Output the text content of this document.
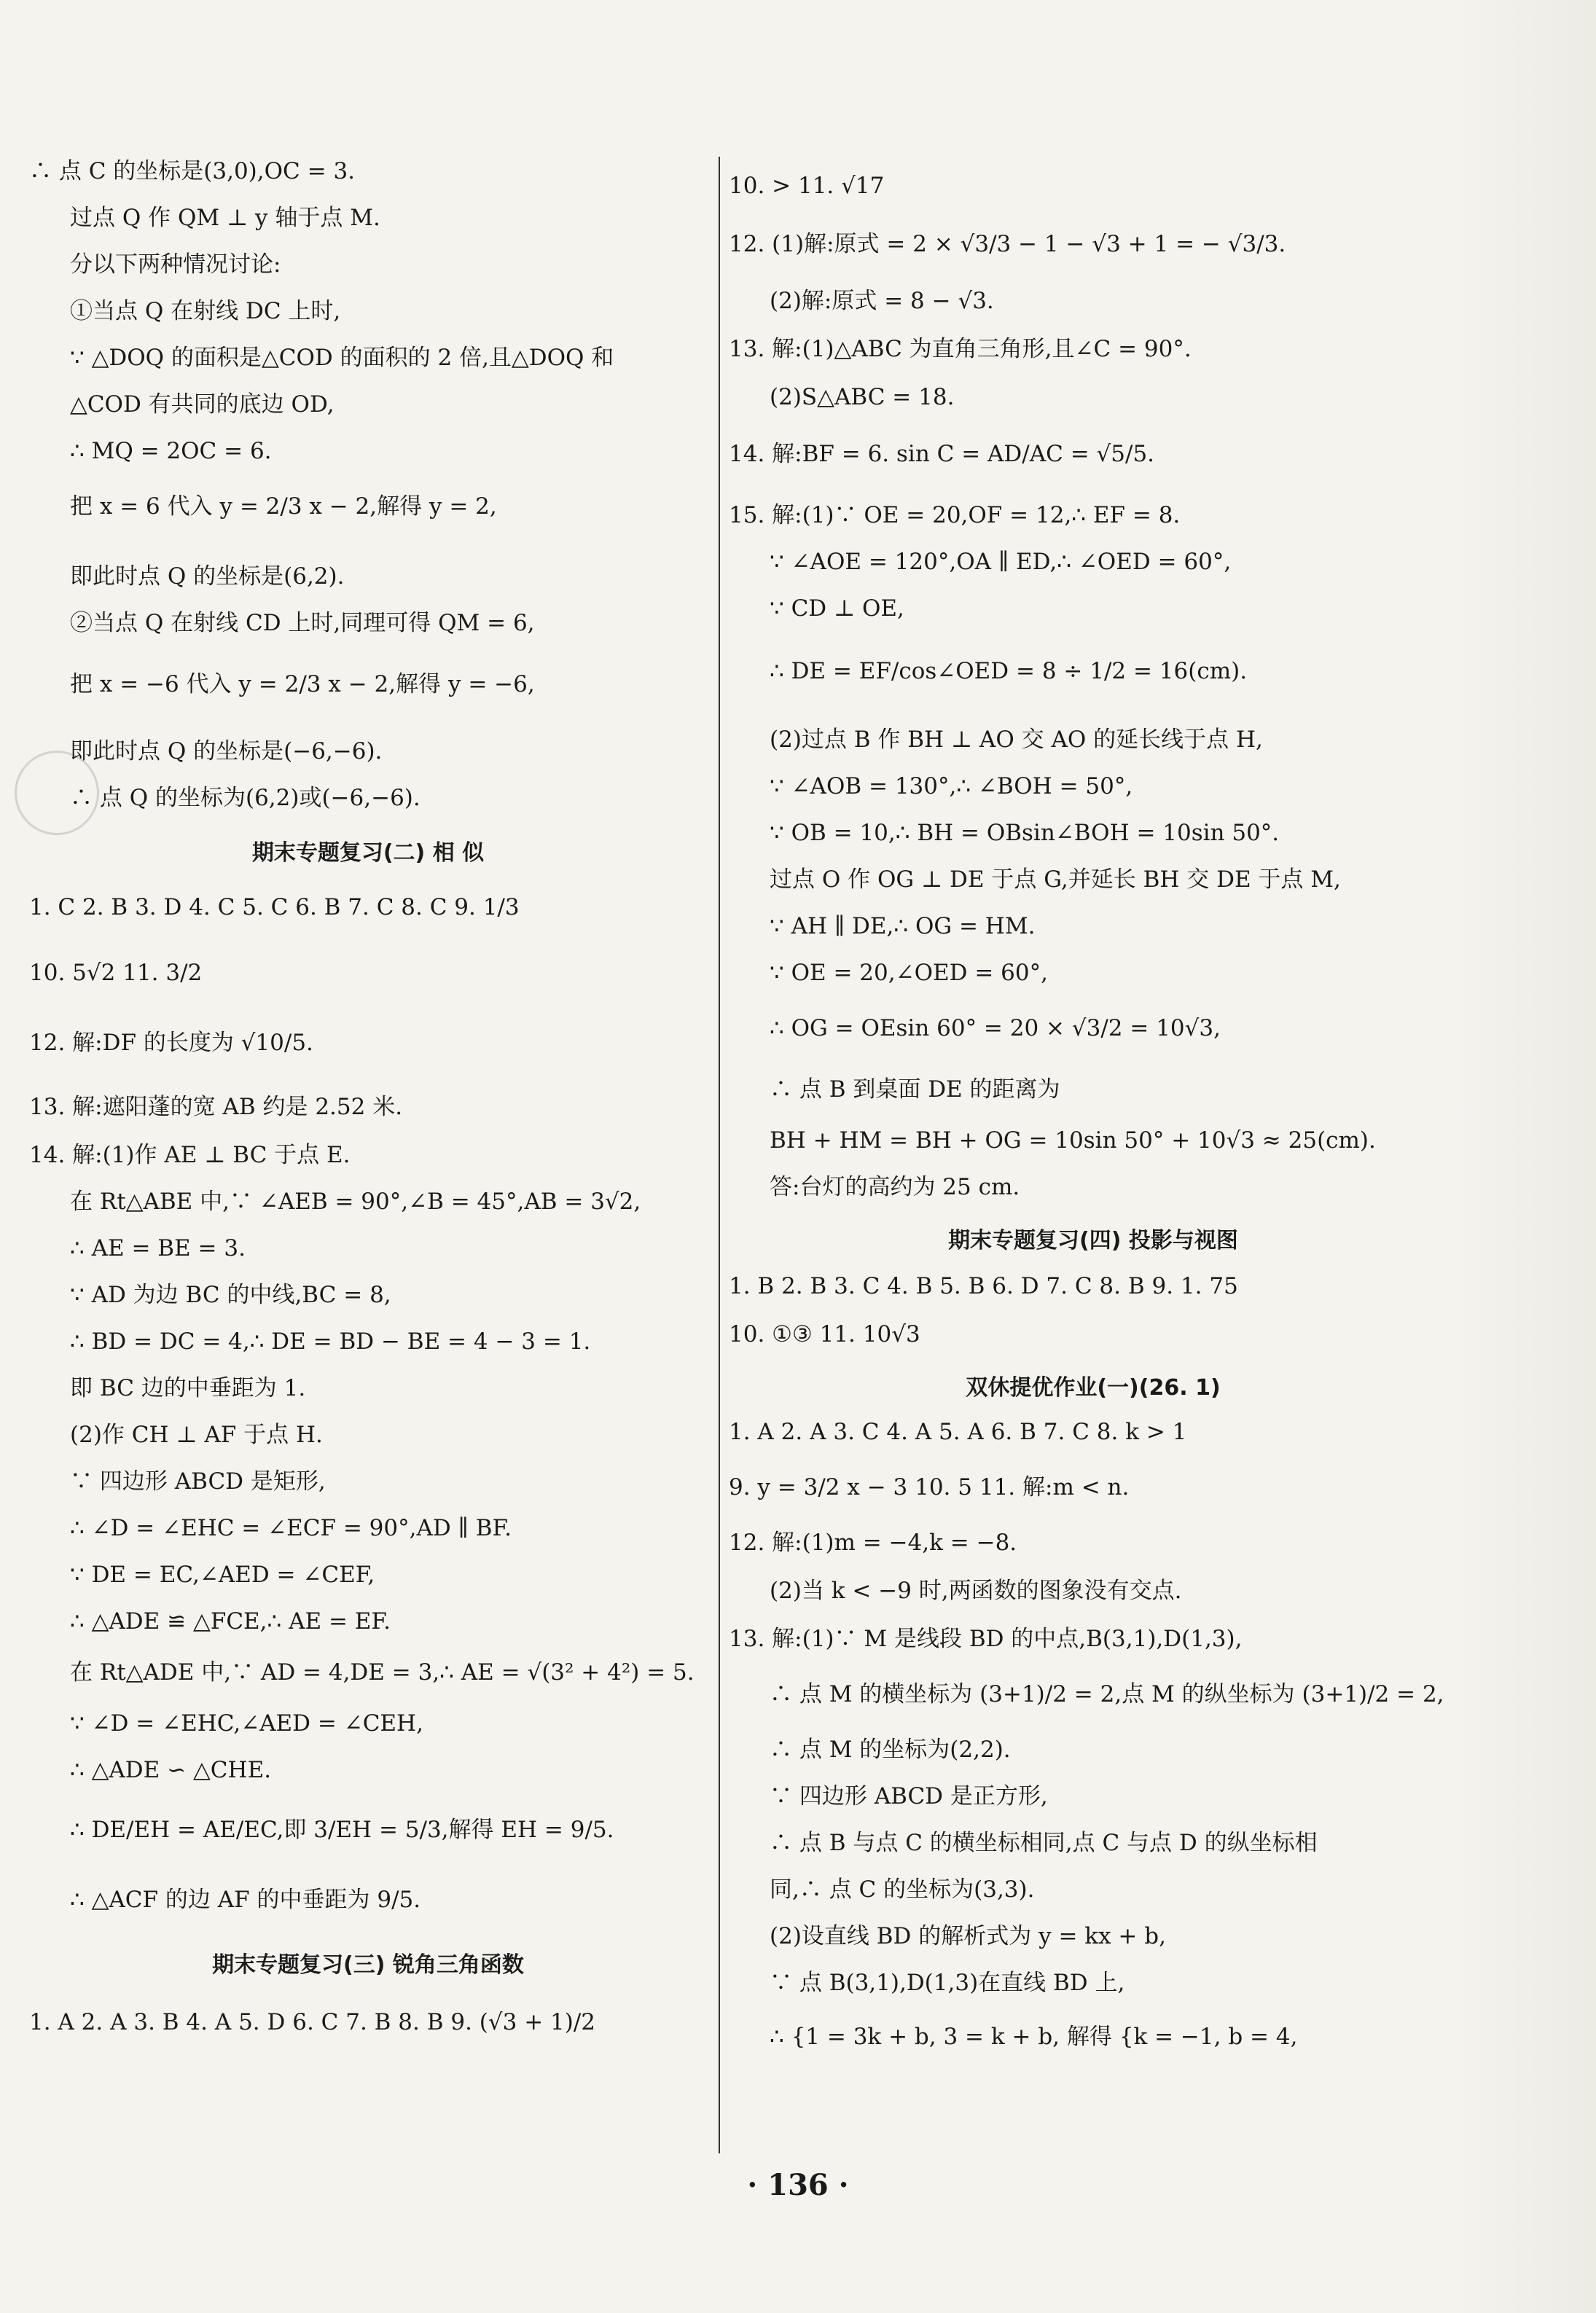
∴ 点 C 的坐标是(3,0),OC = 3.
过点 Q 作 QM ⊥ y 轴于点 M.
分以下两种情况讨论:
①当点 Q 在射线 DC 上时,
∵ △DOQ 的面积是△COD 的面积的 2 倍,且△DOQ 和
△COD 有共同的底边 OD,
∴ MQ = 2OC = 6.
把 x = 6 代入 y = 2/3 x − 2,解得 y = 2,
即此时点 Q 的坐标是(6,2).
②当点 Q 在射线 CD 上时,同理可得 QM = 6,
把 x = −6 代入 y = 2/3 x − 2,解得 y = −6,
即此时点 Q 的坐标是(−6,−6).
∴ 点 Q 的坐标为(6,2)或(−6,−6).
期末专题复习(二) 相 似
1. C 2. B 3. D 4. C 5. C 6. B 7. C 8. C 9. 1/3
10. 5√2 11. 3/2
12. 解:DF 的长度为 √10/5.
13. 解:遮阳蓬的宽 AB 约是 2.52 米.
14. 解:(1)作 AE ⊥ BC 于点 E.
在 Rt△ABE 中,∵ ∠AEB = 90°,∠B = 45°,AB = 3√2,
∴ AE = BE = 3.
∵ AD 为边 BC 的中线,BC = 8,
∴ BD = DC = 4,∴ DE = BD − BE = 4 − 3 = 1.
即 BC 边的中垂距为 1.
(2)作 CH ⊥ AF 于点 H.
∵ 四边形 ABCD 是矩形,
∴ ∠D = ∠EHC = ∠ECF = 90°,AD ∥ BF.
∵ DE = EC,∠AED = ∠CEF,
∴ △ADE ≌ △FCE,∴ AE = EF.
在 Rt△ADE 中,∵ AD = 4,DE = 3,∴ AE = √(3² + 4²) = 5.
∵ ∠D = ∠EHC,∠AED = ∠CEH,
∴ △ADE ∽ △CHE.
∴ DE/EH = AE/EC,即 3/EH = 5/3,解得 EH = 9/5.
∴ △ACF 的边 AF 的中垂距为 9/5.
期末专题复习(三) 锐角三角函数
1. A 2. A 3. B 4. A 5. D 6. C 7. B 8. B 9. (√3 + 1)/2
10. > 11. √17
12. (1)解:原式 = 2 × √3/3 − 1 − √3 + 1 = − √3/3.
(2)解:原式 = 8 − √3.
13. 解:(1)△ABC 为直角三角形,且∠C = 90°.
(2)S△ABC = 18.
14. 解:BF = 6. sin C = AD/AC = √5/5.
15. 解:(1)∵ OE = 20,OF = 12,∴ EF = 8.
∵ ∠AOE = 120°,OA ∥ ED,∴ ∠OED = 60°,
∵ CD ⊥ OE,
∴ DE = EF/cos∠OED = 8 ÷ 1/2 = 16(cm).
(2)过点 B 作 BH ⊥ AO 交 AO 的延长线于点 H,
∵ ∠AOB = 130°,∴ ∠BOH = 50°,
∵ OB = 10,∴ BH = OBsin∠BOH = 10sin 50°.
过点 O 作 OG ⊥ DE 于点 G,并延长 BH 交 DE 于点 M,
∵ AH ∥ DE,∴ OG = HM.
∵ OE = 20,∠OED = 60°,
∴ OG = OEsin 60° = 20 × √3/2 = 10√3,
∴ 点 B 到桌面 DE 的距离为
BH + HM = BH + OG = 10sin 50° + 10√3 ≈ 25(cm).
答:台灯的高约为 25 cm.
期末专题复习(四) 投影与视图
1. B 2. B 3. C 4. B 5. B 6. D 7. C 8. B 9. 1. 75
10. ①③ 11. 10√3
双休提优作业(一)(26. 1)
1. A 2. A 3. C 4. A 5. A 6. B 7. C 8. k > 1
9. y = 3/2 x − 3 10. 5 11. 解:m < n.
12. 解:(1)m = −4,k = −8.
(2)当 k < −9 时,两函数的图象没有交点.
13. 解:(1)∵ M 是线段 BD 的中点,B(3,1),D(1,3),
∴ 点 M 的横坐标为 (3+1)/2 = 2,点 M 的纵坐标为 (3+1)/2 = 2,
∴ 点 M 的坐标为(2,2).
∵ 四边形 ABCD 是正方形,
∴ 点 B 与点 C 的横坐标相同,点 C 与点 D 的纵坐标相
同,∴ 点 C 的坐标为(3,3).
(2)设直线 BD 的解析式为 y = kx + b,
∵ 点 B(3,1),D(1,3)在直线 BD 上,
∴ {1 = 3k + b, 3 = k + b, 解得 {k = −1, b = 4,
· 136 ·
